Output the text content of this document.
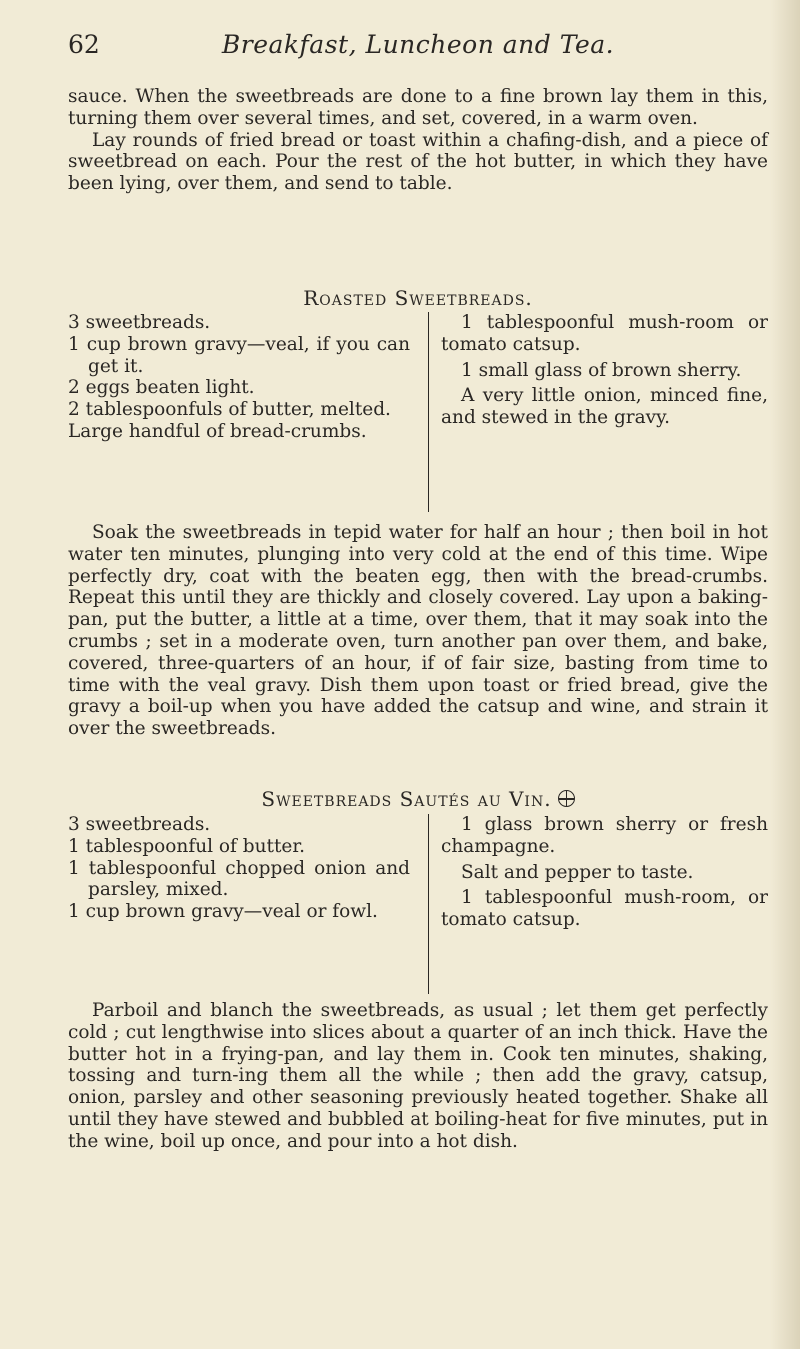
62	Breakfast, Luncheon and Tea.

sauce. When the sweetbreads are done to a fine brown lay them in this, turning them over several times, and set, covered, in a warm oven.

Lay rounds of fried bread or toast within a chafing-dish, and a piece of sweetbread on each. Pour the rest of the hot butter, in which they have been lying, over them, and send to table.

Roasted Sweetbreads.

3 sweetbreads.

1 cup brown gravy—veal, if you can get it.

2 eggs beaten light.

2 tablespoonfuls of butter, melted.

Large handful of bread-crumbs.

1 tablespoonful mush-room or tomato catsup.

1 small glass of brown sherry.

A very little onion, minced fine, and stewed in the gravy.

Soak the sweetbreads in tepid water for half an hour ; then boil in hot water ten minutes, plunging into very cold at the end of this time. Wipe perfectly dry, coat with the beaten egg, then with the bread-crumbs. Repeat this until they are thickly and closely covered. Lay upon a baking-pan, put the butter, a little at a time, over them, that it may soak into the crumbs ; set in a moderate oven, turn another pan over them, and bake, covered, three-quarters of an hour, if of fair size, basting from time to time with the veal gravy. Dish them upon toast or fried bread, give the gravy a boil-up when you have added the catsup and wine, and strain it over the sweetbreads.

Sweetbreads Sautés au Vin.

3 sweetbreads.

1 tablespoonful of butter.

1 tablespoonful chopped onion and parsley, mixed.

1 cup brown gravy—veal or fowl.

1 glass brown sherry or fresh champagne.

Salt and pepper to taste.

1 tablespoonful mush-room, or tomato catsup.

Parboil and blanch the sweetbreads, as usual ; let them get perfectly cold ; cut lengthwise into slices about a quarter of an inch thick. Have the butter hot in a frying-pan, and lay them in. Cook ten minutes, shaking, tossing and turn-ing them all the while ; then add the gravy, catsup, onion, parsley and other seasoning previously heated together. Shake all until they have stewed and bubbled at boiling-heat for five minutes, put in the wine, boil up once, and pour into a hot dish.
